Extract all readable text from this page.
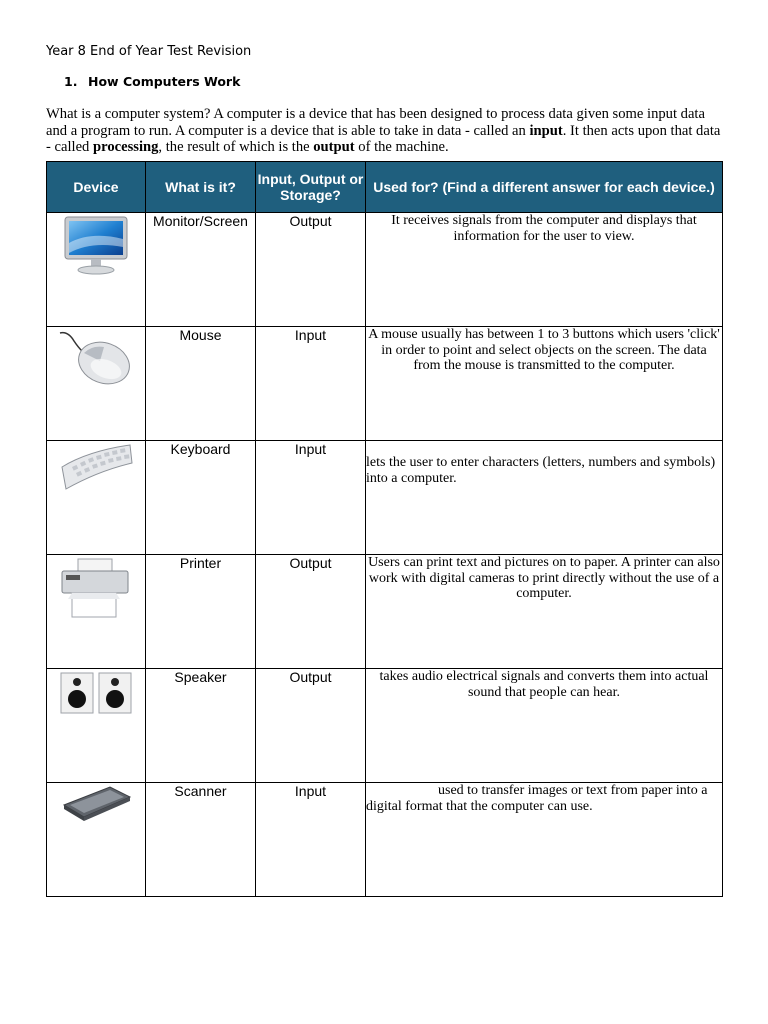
Year 8 End of Year Test Revision
1. How Computers Work

What is a computer system? A computer is a device that has been designed to process data given some input data and a program to run. A computer is a device that is able to take in data - called an input. It then acts upon that data - called processing, the result of which is the output of the machine.

Device	What is it?	Input, Output or Storage?	Used for? (Find a different answer for each device.)
	Monitor/Screen	Output	It receives signals from the computer and displays that information for the user to view.
	Mouse	Input	A mouse usually has between 1 to 3 buttons which users 'click' in order to point and select objects on the screen. The data from the mouse is transmitted to the computer.
	Keyboard	Input	lets the user to enter characters (letters, numbers and symbols) into a computer.

	Printer	Output	Users can print text and pictures on to paper. A printer can also work with digital cameras to print directly without the use of a computer.
	Speaker	Output	takes audio electrical signals and converts them into actual sound that people can hear.
	Scanner	Input	used to transfer images or text from paper into a digital format that the computer can use.
